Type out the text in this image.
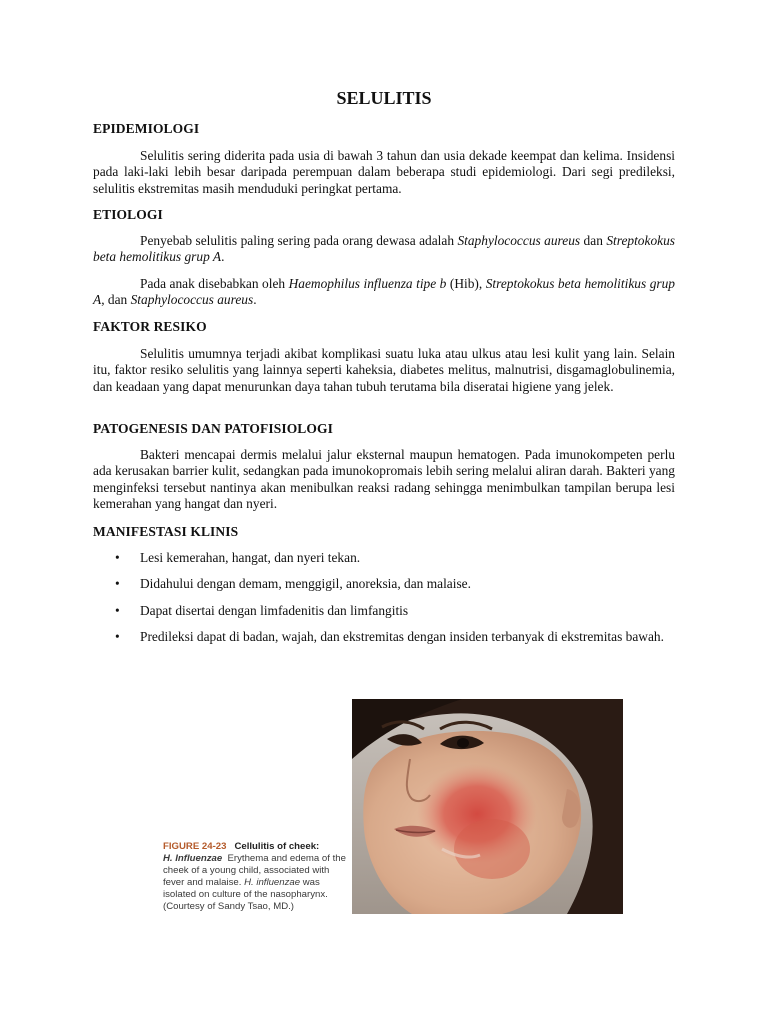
SELULITIS
EPIDEMIOLOGI
Selulitis sering diderita pada usia di bawah 3 tahun dan usia dekade keempat dan kelima. Insidensi pada laki-laki lebih besar daripada perempuan dalam beberapa studi epidemiologi. Dari segi predileksi, selulitis ekstremitas masih menduduki peringkat pertama.
ETIOLOGI
Penyebab selulitis paling sering pada orang dewasa adalah Staphylococcus aureus dan Streptokokus beta hemolitikus grup A.
Pada anak disebabkan oleh Haemophilus influenza tipe b (Hib), Streptokokus beta hemolitikus grup A, dan Staphylococcus aureus.
FAKTOR RESIKO
Selulitis umumnya terjadi akibat komplikasi suatu luka atau ulkus atau lesi kulit yang lain. Selain itu, faktor resiko selulitis yang lainnya seperti kaheksia, diabetes melitus, malnutrisi, disgamaglobulinemia, dan keadaan yang dapat menurunkan daya tahan tubuh terutama bila diseratai higiene yang jelek.
PATOGENESIS DAN PATOFISIOLOGI
Bakteri mencapai dermis melalui jalur eksternal maupun hematogen. Pada imunokompeten perlu ada kerusakan barrier kulit, sedangkan pada imunokopromais lebih sering melalui aliran darah. Bakteri yang menginfeksi tersebut nantinya akan menibulkan reaksi radang sehingga menimbulkan tampilan berupa lesi kemerahan yang hangat dan nyeri.
MANIFESTASI KLINIS
• Lesi kemerahan, hangat, dan nyeri tekan.
• Didahului dengan demam, menggigil, anoreksia, dan malaise.
• Dapat disertai dengan limfadenitis dan limfangitis
• Predileksi dapat di badan, wajah, dan ekstremitas dengan insiden terbanyak di ekstremitas bawah.
FIGURE 24-23 Cellulitis of cheek:
H. Influenzae Erythema and edema of the cheek of a young child, associated with fever and malaise. H. influenzae was isolated on culture of the nasopharynx. (Courtesy of Sandy Tsao, MD.)
